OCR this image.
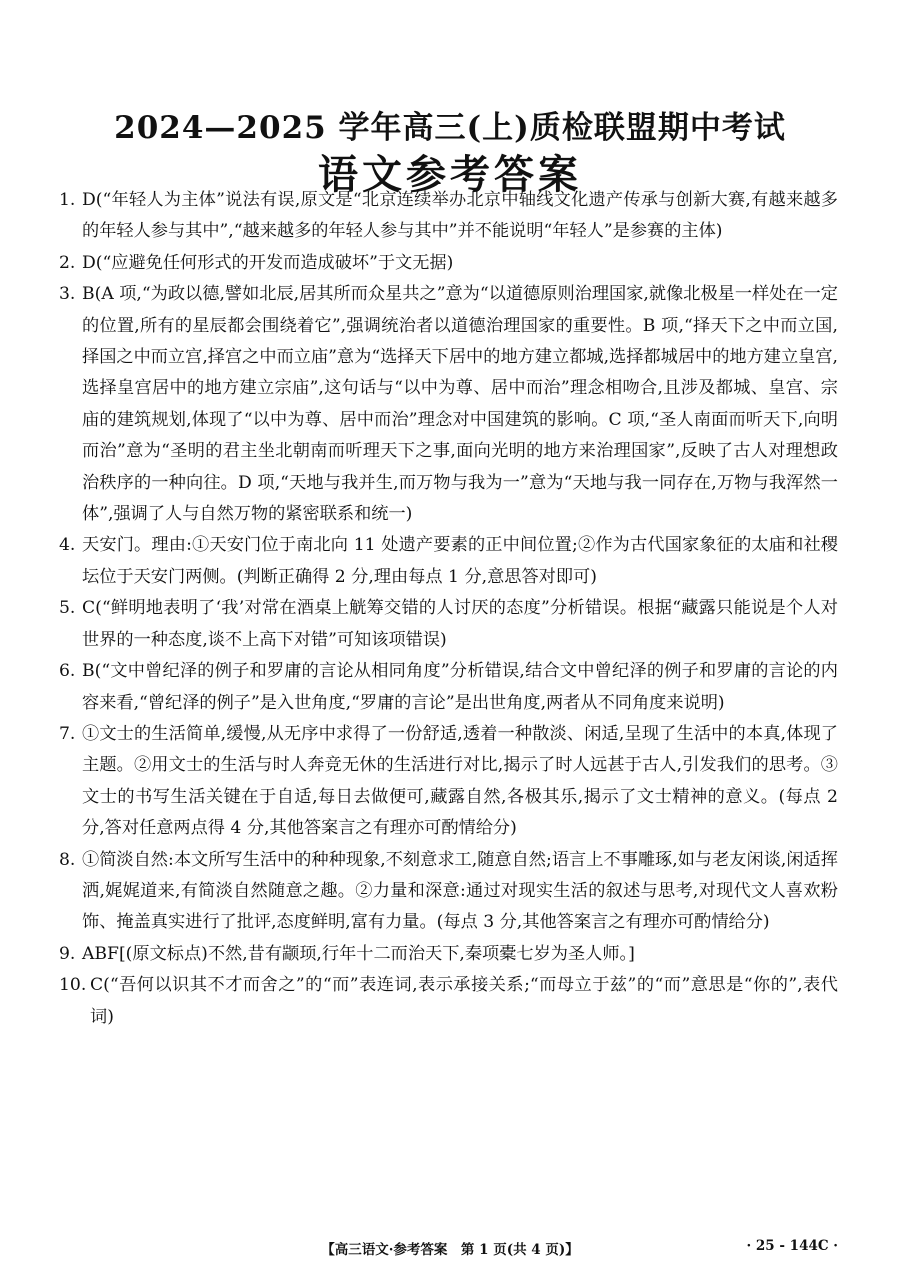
2024—2025 学年高三(上)质检联盟期中考试
语文参考答案
1. D(“年轻人为主体”说法有误,原文是“北京连续举办北京中轴线文化遗产传承与创新大赛,有越来越多的年轻人参与其中”,“越来越多的年轻人参与其中”并不能说明“年轻人”是参赛的主体)
2. D(“应避免任何形式的开发而造成破坏”于文无据)
3. B(A 项,“为政以德,譬如北辰,居其所而众星共之”意为“以道德原则治理国家,就像北极星一样处在一定的位置,所有的星辰都会围绕着它”,强调统治者以道德治理国家的重要性。B 项,“择天下之中而立国,择国之中而立宫,择宫之中而立庙”意为“选择天下居中的地方建立都城,选择都城居中的地方建立皇宫,选择皇宫居中的地方建立宗庙”,这句话与“以中为尊、居中而治”理念相吻合,且涉及都城、皇宫、宗庙的建筑规划,体现了“以中为尊、居中而治”理念对中国建筑的影响。C 项,“圣人南面而听天下,向明而治”意为“圣明的君主坐北朝南而听理天下之事,面向光明的地方来治理国家”,反映了古人对理想政治秩序的一种向往。D 项,“天地与我并生,而万物与我为一”意为“天地与我一同存在,万物与我浑然一体”,强调了人与自然万物的紧密联系和统一)
4. 天安门。理由:①天安门位于南北向 11 处遗产要素的正中间位置;②作为古代国家象征的太庙和社稷坛位于天安门两侧。(判断正确得 2 分,理由每点 1 分,意思答对即可)
5. C(“鲜明地表明了‘我’对常在酒桌上觥筹交错的人讨厌的态度”分析错误。根据“藏露只能说是个人对世界的一种态度,谈不上高下对错”可知该项错误)
6. B(“文中曾纪泽的例子和罗庸的言论从相同角度”分析错误,结合文中曾纪泽的例子和罗庸的言论的内容来看,“曾纪泽的例子”是入世角度,“罗庸的言论”是出世角度,两者从不同角度来说明)
7. ①文士的生活简单,缓慢,从无序中求得了一份舒适,透着一种散淡、闲适,呈现了生活中的本真,体现了主题。②用文士的生活与时人奔竞无休的生活进行对比,揭示了时人远甚于古人,引发我们的思考。③文士的书写生活关键在于自适,每日去做便可,藏露自然,各极其乐,揭示了文士精神的意义。(每点 2 分,答对任意两点得 4 分,其他答案言之有理亦可酌情给分)
8. ①简淡自然:本文所写生活中的种种现象,不刻意求工,随意自然;语言上不事雕琢,如与老友闲谈,闲适挥洒,娓娓道来,有简淡自然随意之趣。②力量和深意:通过对现实生活的叙述与思考,对现代文人喜欢粉饰、掩盖真实进行了批评,态度鲜明,富有力量。(每点 3 分,其他答案言之有理亦可酌情给分)
9. ABF[(原文标点)不然,昔有颛顼,行年十二而治天下,秦项橐七岁为圣人师。]
10. C(“吾何以识其不才而舍之”的“而”表连词,表示承接关系;“而母立于兹”的“而”意思是“你的”,表代词)
【高三语文·参考答案　第 1 页(共 4 页)】	· 25 - 144C ·
